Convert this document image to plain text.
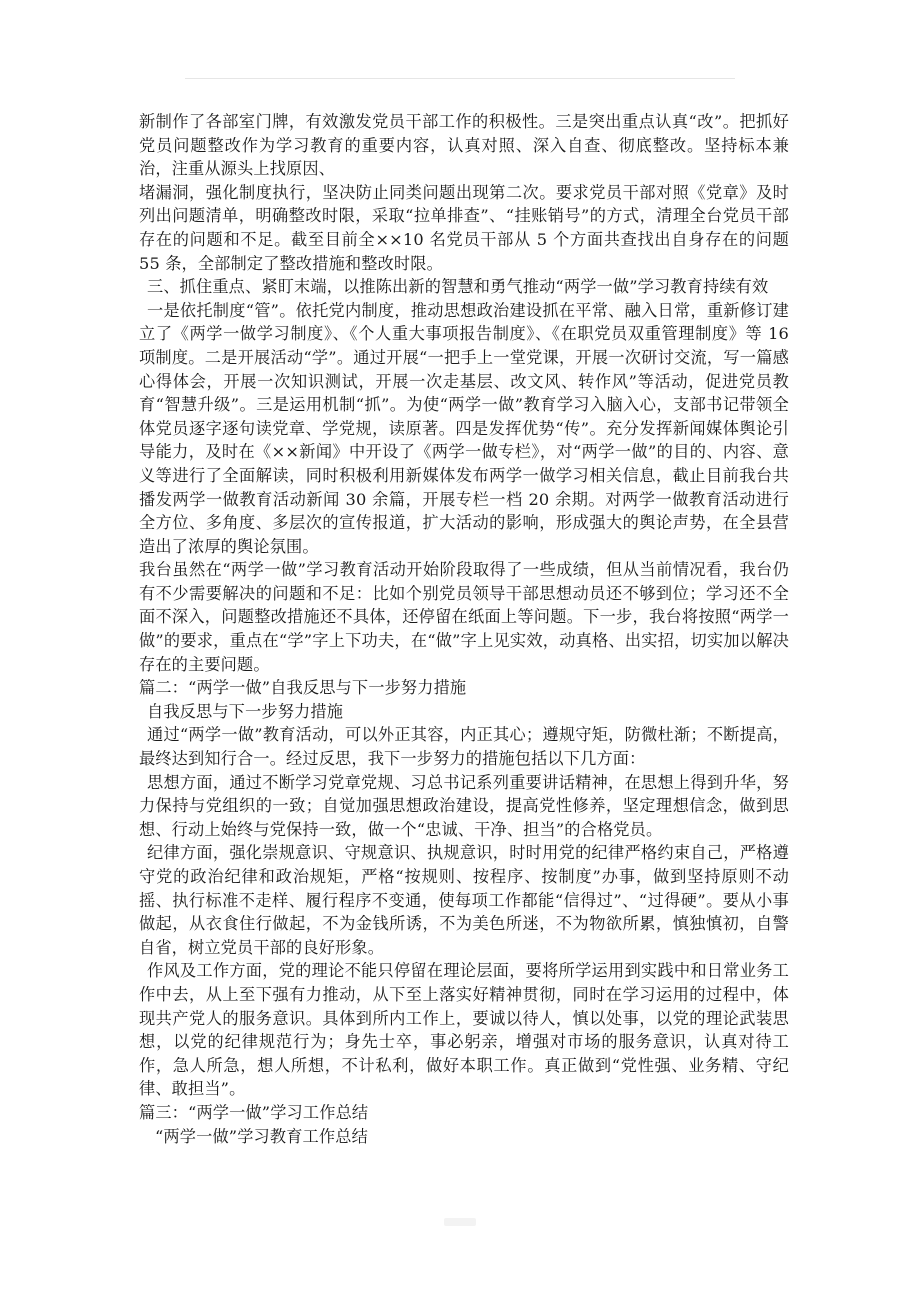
新制作了各部室门牌，有效激发党员干部工作的积极性。三是突出重点认真“改”。把抓好党员问题整改作为学习教育的重要内容，认真对照、深入自查、彻底整改。坚持标本兼治，注重从源头上找原因、

堵漏洞，强化制度执行，坚决防止同类问题出现第二次。要求党员干部对照《党章》及时列出问题清单，明确整改时限，采取“拉单排查”、“挂账销号”的方式，清理全台党员干部存在的问题和不足。截至目前全××10 名党员干部从 5 个方面共查找出自身存在的问题 55 条，全部制定了整改措施和整改时限。

三、抓住重点、紧盯末端，以推陈出新的智慧和勇气推动“两学一做”学习教育持续有效

一是依托制度“管”。依托党内制度，推动思想政治建设抓在平常、融入日常，重新修订建立了《两学一做学习制度》、《个人重大事项报告制度》、《在职党员双重管理制度》等 16 项制度。二是开展活动“学”。通过开展“一把手上一堂党课，开展一次研讨交流，写一篇感心得体会，开展一次知识测试，开展一次走基层、改文风、转作风”等活动，促进党员教育“智慧升级”。三是运用机制“抓”。为使“两学一做”教育学习入脑入心，支部书记带领全体党员逐字逐句读党章、学党规，读原著。四是发挥优势“传”。充分发挥新闻媒体舆论引导能力，及时在《××新闻》中开设了《两学一做专栏》，对“两学一做”的目的、内容、意义等进行了全面解读，同时积极利用新媒体发布两学一做学习相关信息，截止目前我台共播发两学一做教育活动新闻 30 余篇，开展专栏一档 20 余期。对两学一做教育活动进行全方位、多角度、多层次的宣传报道，扩大活动的影响，形成强大的舆论声势，在全县营造出了浓厚的舆论氛围。

我台虽然在“两学一做”学习教育活动开始阶段取得了一些成绩，但从当前情况看，我台仍有不少需要解决的问题和不足：比如个别党员领导干部思想动员还不够到位；学习还不全面不深入，问题整改措施还不具体，还停留在纸面上等问题。下一步，我台将按照“两学一做”的要求，重点在“学”字上下功夫，在“做”字上见实效，动真格、出实招，切实加以解决存在的主要问题。

篇二：“两学一做”自我反思与下一步努力措施

自我反思与下一步努力措施

通过“两学一做”教育活动，可以外正其容，内正其心；遵规守矩，防微杜渐；不断提高，最终达到知行合一。经过反思，我下一步努力的措施包括以下几方面：

思想方面，通过不断学习党章党规、习总书记系列重要讲话精神，在思想上得到升华，努力保持与党组织的一致；自觉加强思想政治建设，提高党性修养，坚定理想信念，做到思想、行动上始终与党保持一致，做一个“忠诚、干净、担当”的合格党员。

纪律方面，强化崇规意识、守规意识、执规意识，时时用党的纪律严格约束自己，严格遵守党的政治纪律和政治规矩，严格“按规则、按程序、按制度”办事，做到坚持原则不动摇、执行标准不走样、履行程序不变通，使每项工作都能“信得过”、“过得硬”。要从小事做起，从衣食住行做起，不为金钱所诱，不为美色所迷，不为物欲所累，慎独慎初，自警自省，树立党员干部的良好形象。

作风及工作方面，党的理论不能只停留在理论层面，要将所学运用到实践中和日常业务工作中去，从上至下强有力推动，从下至上落实好精神贯彻，同时在学习运用的过程中，体现共产党人的服务意识。具体到所内工作上，要诚以待人，慎以处事，以党的理论武装思想，以党的纪律规范行为；身先士卒，事必躬亲，增强对市场的服务意识，认真对待工作，急人所急，想人所想，不计私利，做好本职工作。真正做到“党性强、业务精、守纪律、敢担当”。

篇三：“两学一做”学习工作总结

“两学一做”学习教育工作总结
